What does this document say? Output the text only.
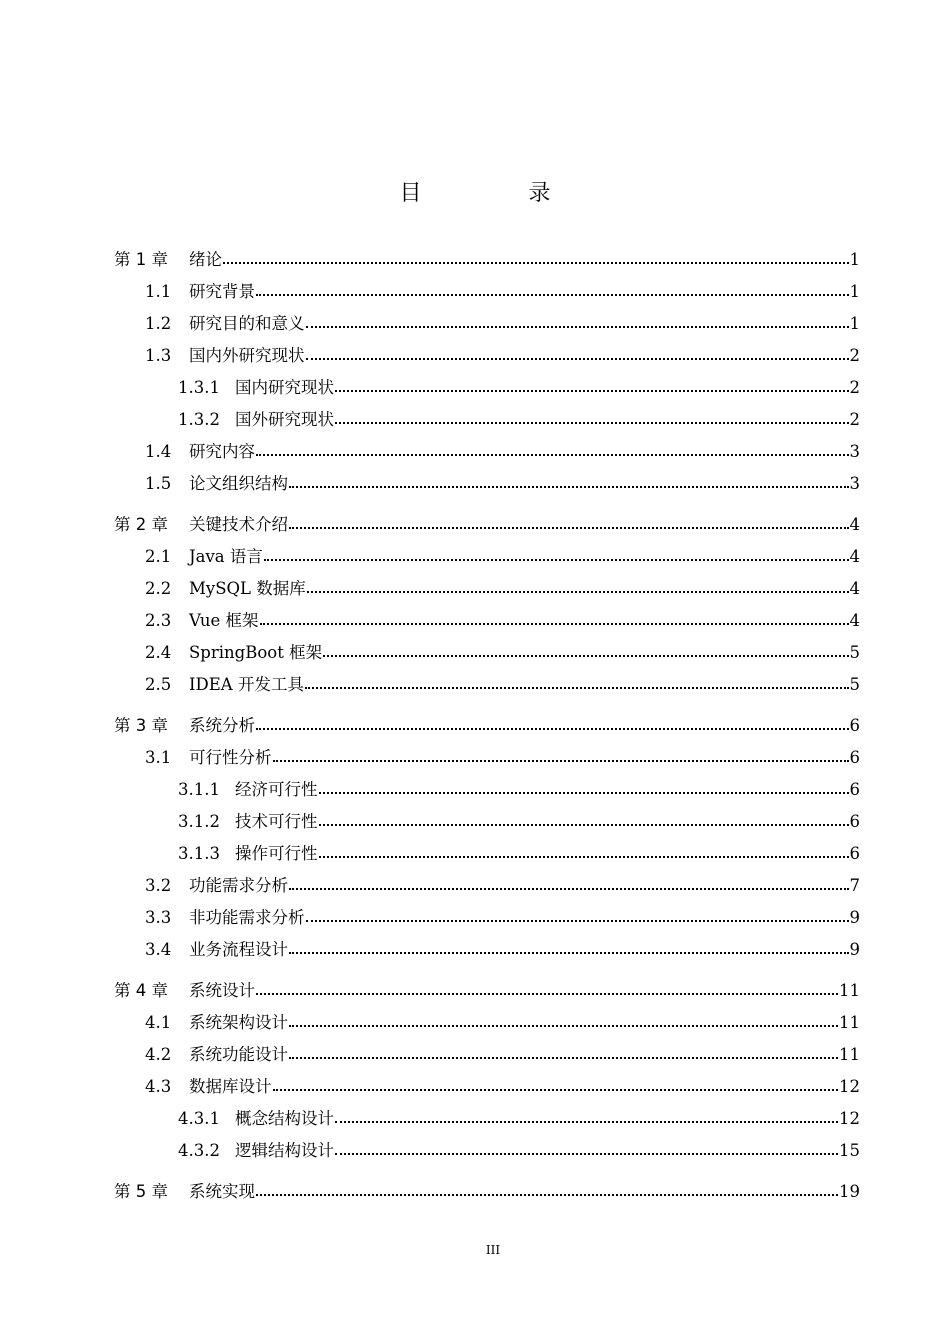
目 录
第 1 章	绪论	1
1.1	研究背景	1
1.2	研究目的和意义	1
1.3	国内外研究现状	2
1.3.1 国内研究现状	2
1.3.2 国外研究现状	2
1.4	研究内容	3
1.5	论文组织结构	3
第 2 章	关键技术介绍	4
2.1	Java 语言	4
2.2	MySQL 数据库	4
2.3	Vue 框架	4
2.4	SpringBoot 框架	5
2.5	IDEA 开发工具	5
第 3 章	系统分析	6
3.1	可行性分析	6
3.1.1 经济可行性	6
3.1.2 技术可行性	6
3.1.3 操作可行性	6
3.2	功能需求分析	7
3.3	非功能需求分析	9
3.4	业务流程设计	9
第 4 章	系统设计	11
4.1	系统架构设计	11
4.2	系统功能设计	11
4.3	数据库设计	12
4.3.1 概念结构设计	12
4.3.2 逻辑结构设计	15
第 5 章	系统实现	19
III
